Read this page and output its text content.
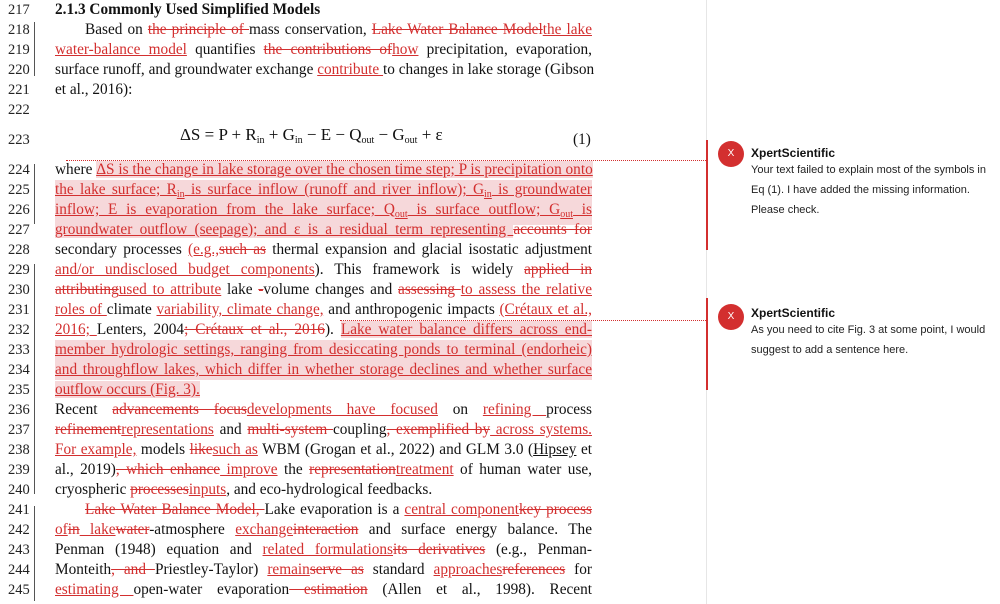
217
218
219
220
221
222
223
224
225
226
227
228
229
230
231
232
233
234
235
236
237
238
239
240
241
242
243
244
245
2.1.3 Commonly Used Simplified Models
Based on the principle of mass conservation, Lake Water Balance Modelthe lake
water-balance model quantifies the contributions ofhow precipitation, evaporation,
surface runoff, and groundwater exchange contribute to changes in lake storage (Gibson
et al., 2016):
$\Delta S = P + R_{in} + G_{in} - E - Q_{out} - G_{out} + \varepsilon$	(1)
where ΔS is the change in lake storage over the chosen time step; P is precipitation onto
the lake surface; $R_{in}$ is surface inflow (runoff and river inflow); $G_{in}$ is groundwater
inflow; E is evaporation from the lake surface; $Q_{out}$ is surface outflow; $G_{out}$ is
groundwater outflow (seepage); and ε is a residual term representing accounts for
secondary processes (e.g.,such as thermal expansion and glacial isostatic adjustment
and/or undisclosed budget components). This framework is widely applied in
attributingused to attribute lake -volume changes and assessing to assess the relative
roles of climate variability, climate change, and anthropogenic impacts (Crétaux et al.,
2016; Lenters, 2004; Crétaux et al., 2016). Lake water balance differs across end-
member hydrologic settings, ranging from desiccating ponds to terminal (endorheic)
and throughflow lakes, which differ in whether storage declines and whether surface
outflow occurs (Fig. 3).
Recent advancements focusdevelopments have focused on refining process
refinementrepresentations and multi-system coupling, exemplified by across systems.
For example, models likesuch as WBM (Grogan et al., 2022) and GLM 3.0 (Hipsey et
al., 2019), which enhance improve the representationtreatment of human water use,
cryospheric processesinputs, and eco-hydrological feedbacks.
Lake Water Balance Model, Lake evaporation is a central componentkey process
ofin lakewater-atmosphere exchangeinteraction and surface energy balance. The
Penman (1948) equation and related formulationsits derivatives (e.g., Penman-
Monteith, and Priestley-Taylor) remainserve as standard approachesreferences for
estimating open-water evaporation estimation (Allen et al., 1998). Recent
X	XpertScientific
Your text failed to explain most of the symbols in Eq (1). I have added the missing information. Please check.
X	XpertScientific
As you need to cite Fig. 3 at some point, I would suggest to add a sentence here.
